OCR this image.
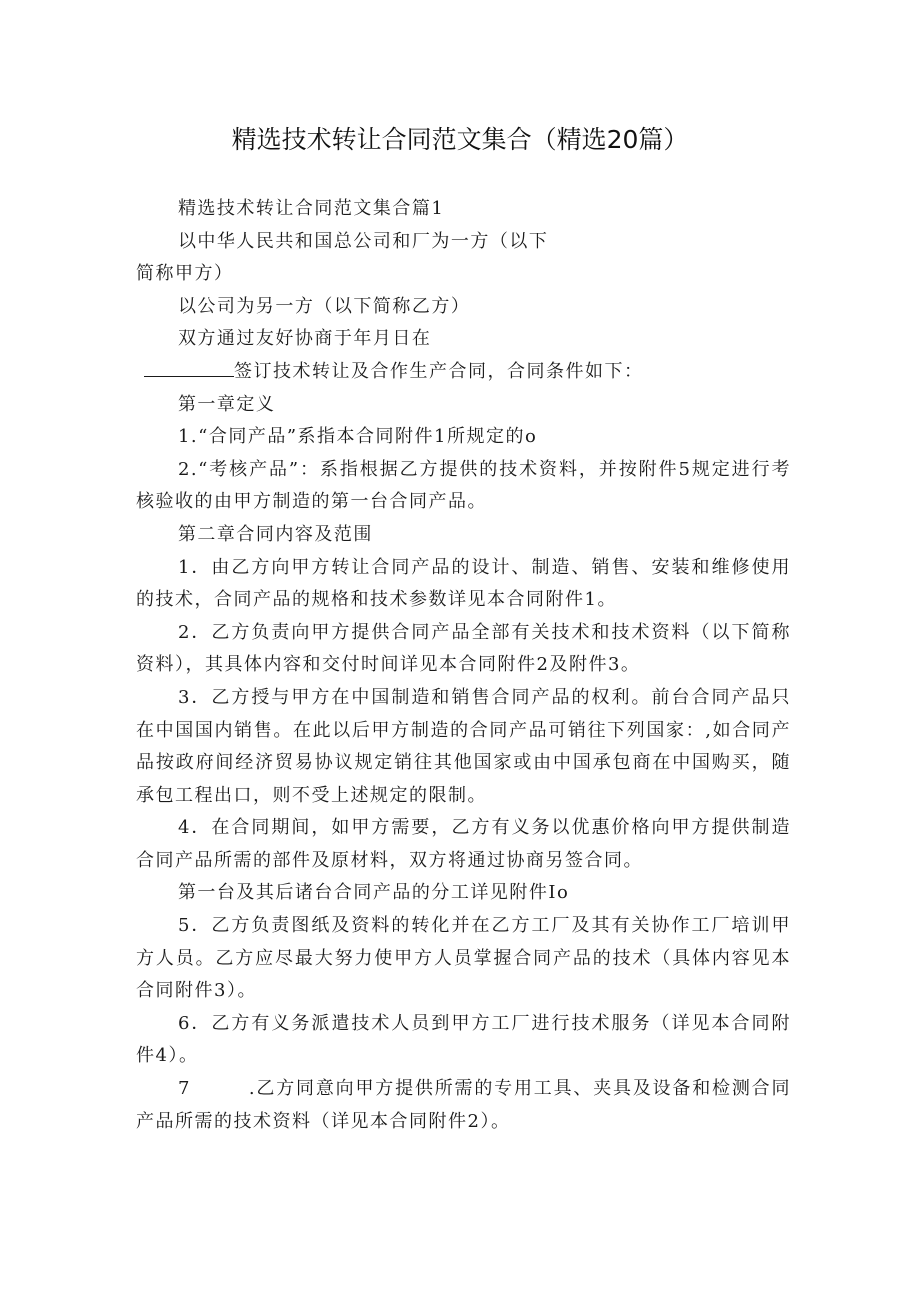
精选技术转让合同范文集合（精选20篇）

精选技术转让合同范文集合篇1

以中华人民共和国总公司和厂为一方（以下

简称甲方）

以公司为另一方（以下简称乙方）

双方通过友好协商于年月日在

签订技术转让及合作生产合同，合同条件如下：

第一章定义

1.“合同产品”系指本合同附件1所规定的o

2.“考核产品”：系指根据乙方提供的技术资料，并按附件5规定进行考核验收的由甲方制造的第一台合同产品。

第二章合同内容及范围

1．由乙方向甲方转让合同产品的设计、制造、销售、安装和维修使用的技术，合同产品的规格和技术参数详见本合同附件1。

2．乙方负责向甲方提供合同产品全部有关技术和技术资料（以下简称资料），其具体内容和交付时间详见本合同附件2及附件3。

3．乙方授与甲方在中国制造和销售合同产品的权利。前台合同产品只在中国国内销售。在此以后甲方制造的合同产品可销往下列国家：,如合同产品按政府间经济贸易协议规定销往其他国家或由中国承包商在中国购买，随承包工程出口，则不受上述规定的限制。

4．在合同期间，如甲方需要，乙方有义务以优惠价格向甲方提供制造合同产品所需的部件及原材料，双方将通过协商另签合同。

第一台及其后诸台合同产品的分工详见附件Io

5．乙方负责图纸及资料的转化并在乙方工厂及其有关协作工厂培训甲方人员。乙方应尽最大努力使甲方人员掌握合同产品的技术（具体内容见本合同附件3）。

6．乙方有义务派遣技术人员到甲方工厂进行技术服务（详见本合同附件4）。

7	.乙方同意向甲方提供所需的专用工具、夹具及设备和检测合同产品所需的技术资料（详见本合同附件2）。
